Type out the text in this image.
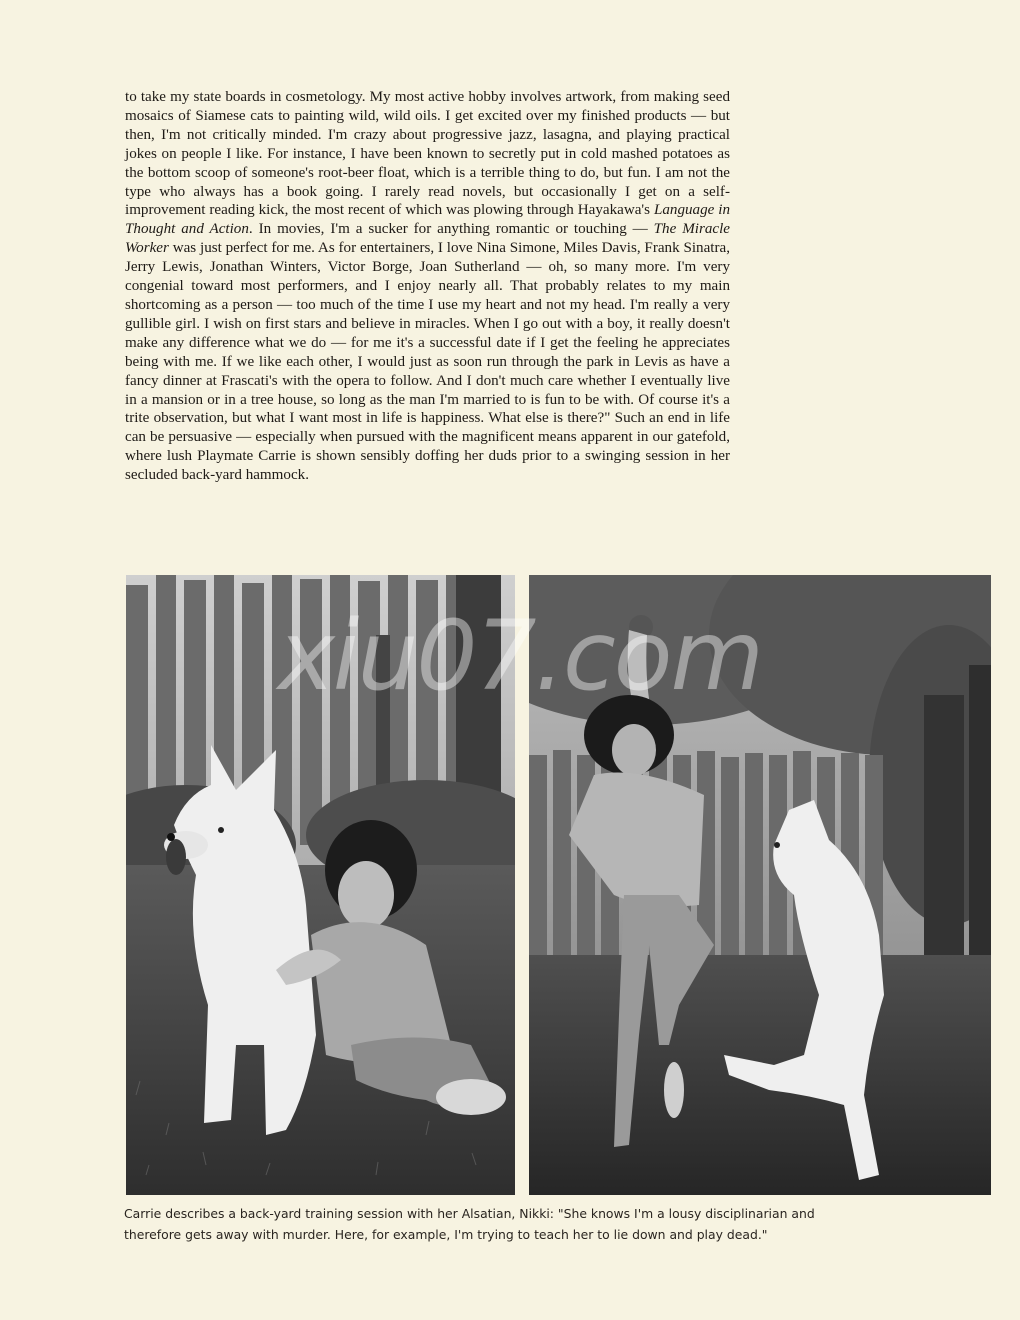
to take my state boards in cosmetology. My most active hobby involves artwork, from making seed mosaics of Siamese cats to painting wild, wild oils. I get excited over my finished products — but then, I'm not critically minded. I'm crazy about progressive jazz, lasagna, and playing practical jokes on people I like. For instance, I have been known to secretly put in cold mashed potatoes as the bottom scoop of someone's root-beer float, which is a terrible thing to do, but fun. I am not the type who always has a book going. I rarely read novels, but occasionally I get on a self-improvement reading kick, the most recent of which was plowing through Hayakawa's Language in Thought and Action. In movies, I'm a sucker for anything romantic or touching — The Miracle Worker was just perfect for me. As for entertainers, I love Nina Simone, Miles Davis, Frank Sinatra, Jerry Lewis, Jonathan Winters, Victor Borge, Joan Sutherland — oh, so many more. I'm very congenial toward most performers, and I enjoy nearly all. That probably relates to my main shortcoming as a person — too much of the time I use my heart and not my head. I'm really a very gullible girl. I wish on first stars and believe in miracles. When I go out with a boy, it really doesn't make any difference what we do — for me it's a successful date if I get the feeling he appreciates being with me. If we like each other, I would just as soon run through the park in Levis as have a fancy dinner at Frascati's with the opera to follow. And I don't much care whether I eventually live in a mansion or in a tree house, so long as the man I'm married to is fun to be with. Of course it's a trite observation, but what I want most in life is happiness. What else is there?" Such an end in life can be persuasive — especially when pursued with the magnificent means apparent in our gatefold, where lush Playmate Carrie is shown sensibly doffing her duds prior to a swinging session in her secluded back-yard hammock.

xiu07.com

Carrie describes a back-yard training session with her Alsatian, Nikki: "She knows I'm a lousy disciplinarian and therefore gets away with murder. Here, for example, I'm trying to teach her to lie down and play dead."
